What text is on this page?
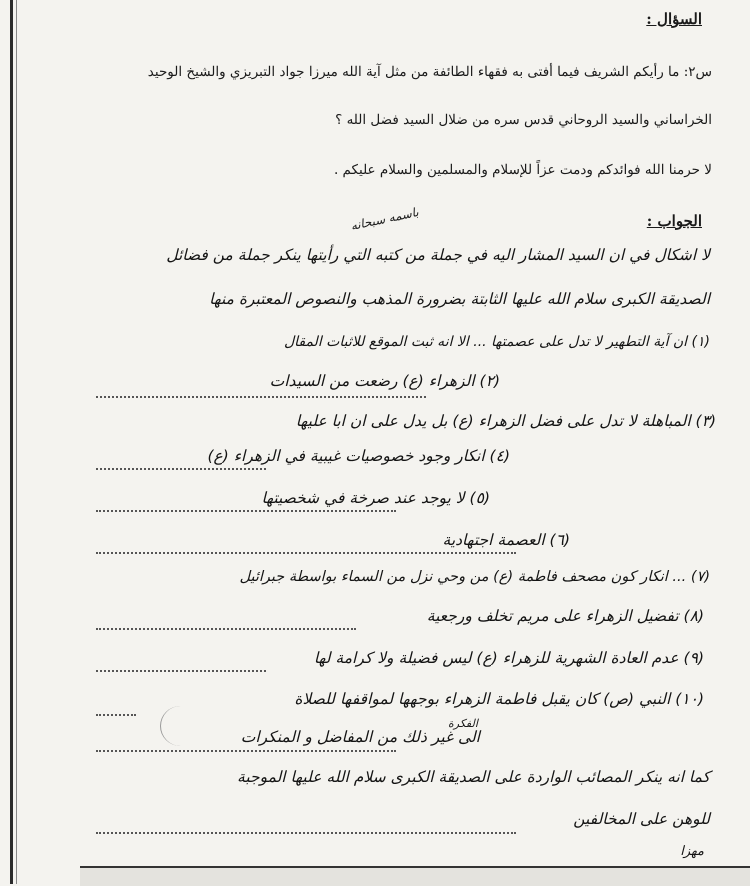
السؤال :
س٢: ما رأيكم الشريف فيما أفتى به فقهاء الطائفة من مثل آية الله ميرزا جواد التبريزي والشيخ الوحيد
الخراساني والسيد الروحاني قدس سره من ضلال السيد فضل الله ؟
لا حرمنا الله فوائدكم ودمت عزاً للإسلام والمسلمين والسلام عليكم .
الجواب :
باسمه سبحانه
لا اشكال في ان السيد المشار اليه في جملة من كتبه التي رأيتها ينكر جملة من فضائل
الصديقة الكبرى سلام الله عليها الثابتة بضرورة المذهب والنصوص المعتبرة منها
(١) ان آية التطهير لا تدل على عصمتها ... الا انه ثبت الموقع للاثبات المقال
(٢) الزهراء (ع) رضعت من السيدات
(٣) المباهلة لا تدل على فضل الزهراء (ع) بل يدل على ان ابا عليها
(٤) انكار وجود خصوصيات غيبية في الزهراء (ع)
(٥) لا يوجد عند صرخة في شخصيتها
(٦) العصمة اجتهادية
(٧) ... انكار كون مصحف فاطمة (ع) من وحي نزل من السماء بواسطة جبرائيل
(٨) تفضيل الزهراء على مريم تخلف ورجعية
(٩) عدم العادة الشهرية للزهراء (ع) ليس فضيلة ولا كرامة لها
(١٠) النبي (ص) كان يقبل فاطمة الزهراء بوجهها لمواقفها للصلاة
الفكرة
الى غير ذلك من المفاضل و المنكرات
كما انه ينكر المصائب الواردة على الصديقة الكبرى سلام الله عليها الموجبة
للوهن على المخالفين
مهزا
